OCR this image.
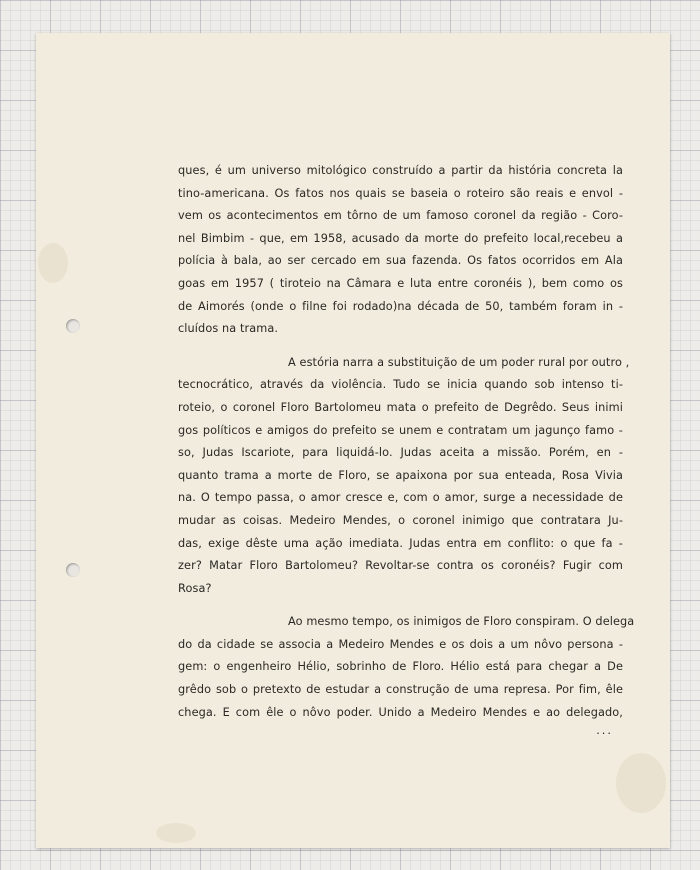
ques, é um universo mitológico construído a partir da história concreta la
tino-americana. Os fatos nos quais se baseia o roteiro são reais e envol -
vem os acontecimentos em tôrno de um famoso coronel da região - Coro-
nel Bimbim - que, em 1958, acusado da morte do prefeito local,recebeu a
polícia à bala, ao ser cercado em sua fazenda. Os fatos ocorridos em Ala
goas em 1957 ( tiroteio na Câmara e luta entre coronéis ), bem como os
de Aimorés (onde o filne foi rodado)na década de 50, também foram in -
cluídos na trama.
A estória narra a substituição de um poder rural por outro ,
tecnocrático, através da violência. Tudo se inicia quando sob intenso ti-
roteio, o coronel Floro Bartolomeu mata o prefeito de Degrêdo. Seus inimi
gos políticos e amigos do prefeito se unem e contratam um jagunço famo -
so, Judas Iscariote, para liquidá-lo. Judas aceita a missão. Porém, en -
quanto trama a morte de Floro, se apaixona por sua enteada, Rosa Vivia
na. O tempo passa, o amor cresce e, com o amor, surge a necessidade de
mudar as coisas. Medeiro Mendes, o coronel inimigo que contratara Ju-
das, exige dêste uma ação imediata. Judas entra em conflito: o que fa -
zer? Matar Floro Bartolomeu? Revoltar-se contra os coronéis? Fugir com
Rosa?
Ao mesmo tempo, os inimigos de Floro conspiram. O delega
do da cidade se associa a Medeiro Mendes e os dois a um nôvo persona -
gem: o engenheiro Hélio, sobrinho de Floro. Hélio está para chegar a De
grêdo sob o pretexto de estudar a construção de uma represa. Por fim, êle
chega. E com êle o nôvo poder. Unido a Medeiro Mendes e ao delegado,
...
